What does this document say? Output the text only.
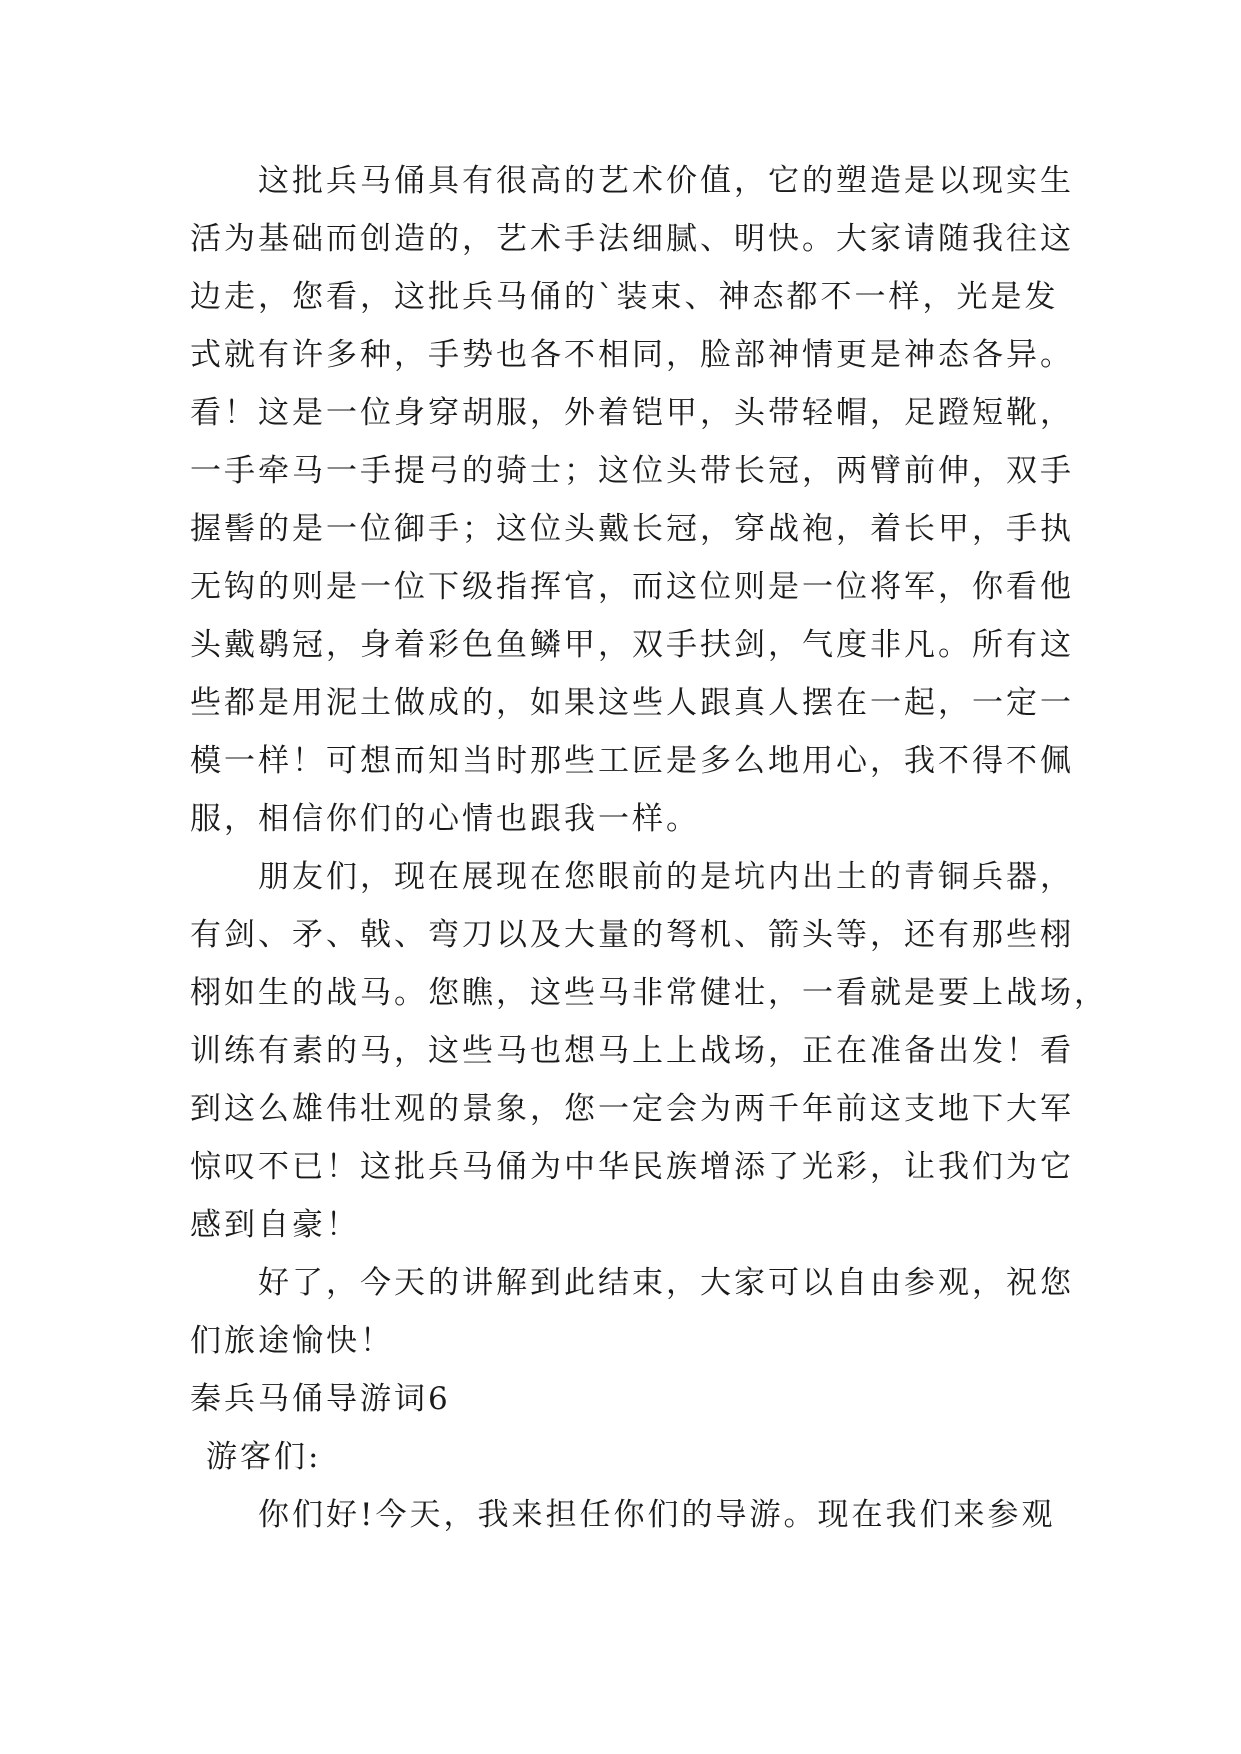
这批兵马俑具有很高的艺术价值，它的塑造是以现实生
活为基础而创造的，艺术手法细腻、明快。大家请随我往这
边走，您看，这批兵马俑的`装束、神态都不一样，光是发
式就有许多种，手势也各不相同，脸部神情更是神态各异。
看！这是一位身穿胡服，外着铠甲，头带轻帽，足蹬短靴，
一手牵马一手提弓的骑士；这位头带长冠，两臂前伸，双手
握髻的是一位御手；这位头戴长冠，穿战袍，着长甲，手执
无钩的则是一位下级指挥官，而这位则是一位将军，你看他
头戴鹖冠，身着彩色鱼鳞甲，双手扶剑，气度非凡。所有这
些都是用泥土做成的，如果这些人跟真人摆在一起，一定一
模一样！可想而知当时那些工匠是多么地用心，我不得不佩
服，相信你们的心情也跟我一样。
朋友们，现在展现在您眼前的是坑内出土的青铜兵器，
有剑、矛、戟、弯刀以及大量的弩机、箭头等，还有那些栩
栩如生的战马。您瞧，这些马非常健壮，一看就是要上战场，
训练有素的马，这些马也想马上上战场，正在准备出发！看
到这么雄伟壮观的景象，您一定会为两千年前这支地下大军
惊叹不已！这批兵马俑为中华民族增添了光彩，让我们为它
感到自豪！
好了，今天的讲解到此结束，大家可以自由参观，祝您
们旅途愉快！
秦兵马俑导游词6
游客们:
你们好!今天，我来担任你们的导游。现在我们来参观
